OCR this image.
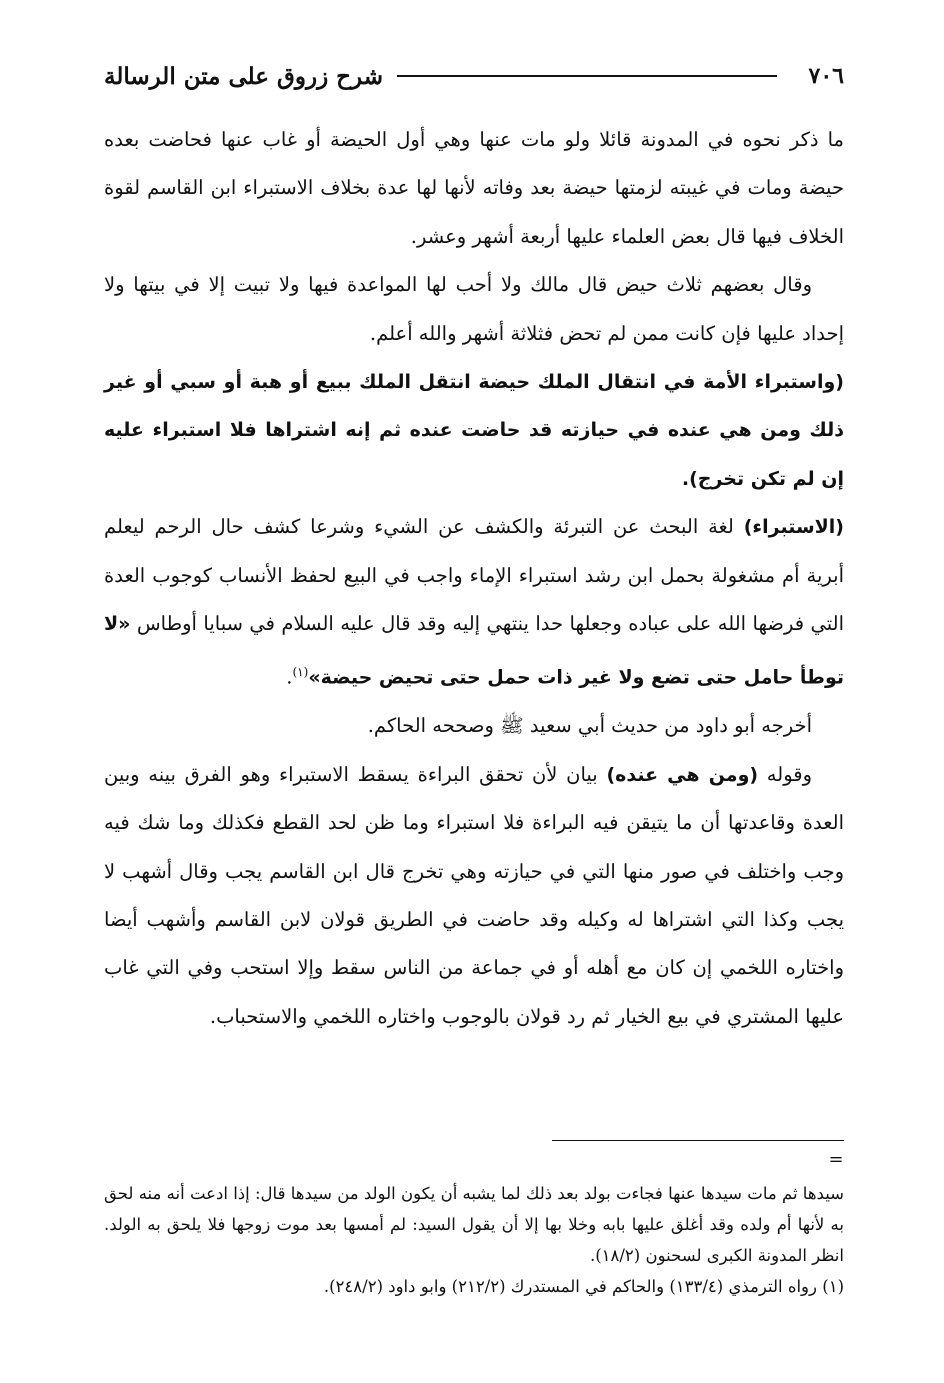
٧٠٦
شرح زروق على متن الرسالة

ما ذكر نحوه في المدونة قائلا ولو مات عنها وهي أول الحيضة أو غاب عنها فحاضت بعده حيضة ومات في غيبته لزمتها حيضة بعد وفاته لأنها لها عدة بخلاف الاستبراء ابن القاسم لقوة الخلاف فيها قال بعض العلماء عليها أربعة أشهر وعشر.

وقال بعضهم ثلاث حيض قال مالك ولا أحب لها المواعدة فيها ولا تبيت إلا في بيتها ولا إحداد عليها فإن كانت ممن لم تحض فثلاثة أشهر والله أعلم.

(واستبراء الأمة في انتقال الملك حيضة انتقل الملك ببيع أو هبة أو سبي أو غير ذلك ومن هي عنده في حيازته قد حاضت عنده ثم إنه اشتراها فلا استبراء عليه إن لم تكن تخرج).

(الاستبراء) لغة البحث عن التبرئة والكشف عن الشيء وشرعا كشف حال الرحم ليعلم أبرية أم مشغولة بحمل ابن رشد استبراء الإماء واجب في البيع لحفظ الأنساب كوجوب العدة التي فرضها الله على عباده وجعلها حدا ينتهي إليه وقد قال عليه السلام في سبايا أوطاس «لا توطأ حامل حتى تضع ولا غير ذات حمل حتى تحيض حيضة»$^{(١)}$.

أخرجه أبو داود من حديث أبي سعيد ﷺ وصححه الحاكم.

وقوله (ومن هي عنده) بيان لأن تحقق البراءة يسقط الاستبراء وهو الفرق بينه وبين العدة وقاعدتها أن ما يتيقن فيه البراءة فلا استبراء وما ظن لحد القطع فكذلك وما شك فيه وجب واختلف في صور منها التي في حيازته وهي تخرج قال ابن القاسم يجب وقال أشهب لا يجب وكذا التي اشتراها له وكيله وقد حاضت في الطريق قولان لابن القاسم وأشهب أيضا واختاره اللخمي إن كان مع أهله أو في جماعة من الناس سقط وإلا استحب وفي التي غاب عليها المشتري في بيع الخيار ثم رد قولان بالوجوب واختاره اللخمي والاستحباب.

=

سيدها ثم مات سيدها عنها فجاءت بولد بعد ذلك لما يشبه أن يكون الولد من سيدها قال: إذا ادعت أنه منه لحق به لأنها أم ولده وقد أغلق عليها بابه وخلا بها إلا أن يقول السيد: لم أمسها بعد موت زوجها فلا يلحق به الولد. انظر المدونة الكبرى لسحنون (١٨/٢).

(١) رواه الترمذي (١٣٣/٤) والحاكم في المستدرك (٢١٢/٢) وابو داود (٢٤٨/٢).
